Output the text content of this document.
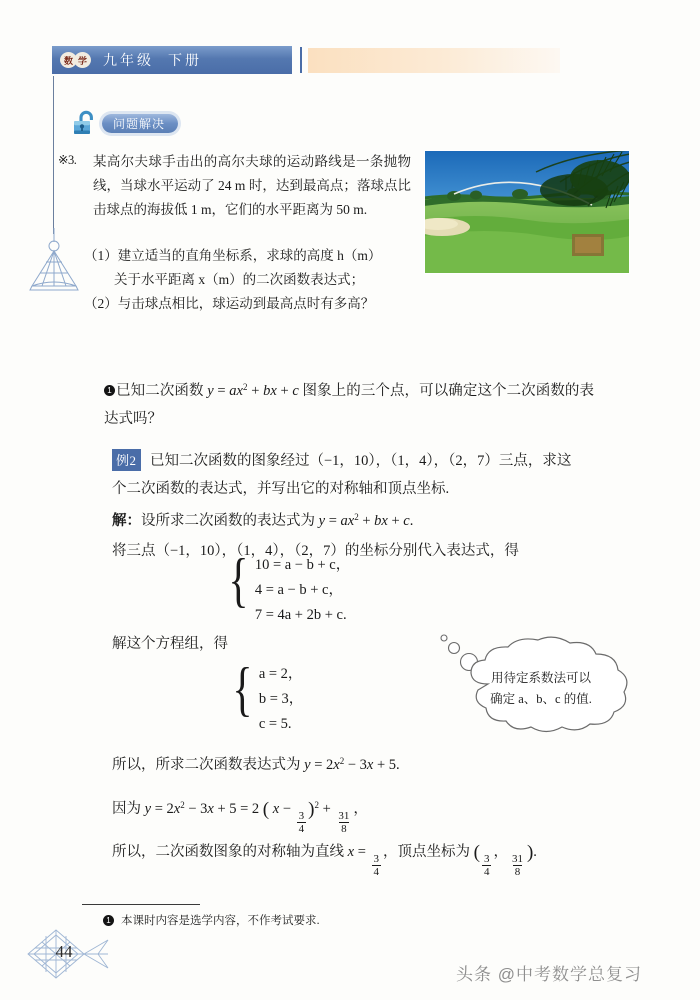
数 学 九年级 下册
问题解决
※3. 某高尔夫球手击出的高尔夫球的运动路线是一条抛物线，当球水平运动了 24 m 时，达到最高点；落球点比击球点的海拔低 1 m，它们的水平距离为 50 m.
（1）建立适当的直角坐标系，求球的高度 h（m）
关于水平距离 x（m）的二次函数表达式；
（2）与击球点相比，球运动到最高点时有多高？
1 已知二次函数 $y = ax^2$ + bx + c 图象上的三个点，可以确定这个二次函数的表达式吗？
例2 已知二次函数的图象经过（−1，10），（1，4），（2，7）三点，求这
个二次函数的表达式，并写出它的对称轴和顶点坐标.
解：设所求二次函数的表达式为 $y = ax^2$ + bx + c.
将三点（−1，10），（1，4），（2，7）的坐标分别代入表达式，得
{ 10 = a − b + c，
4 = a − b + c，
7 = 4a + 2b + c.
解这个方程组，得
{ a = 2，
b = 3，
c = 5.
用待定系数法可以
确定 a、b、c 的值.
所以，所求二次函数表达式为 $y = 2x^2 - 3x + 5$.
因为 $y = 2x^2 - 3x + 5 = 2$ ( x −
$\frac{3}{4}$
)$^2$ +
$\frac{31}{8}$
，
所以，二次函数图象的对称轴为直线 x =
$\frac{3}{4}$
，顶点坐标为 (
$\frac{3}{4}$
，
$\frac{31}{8}$
).
1 本课时内容是选学内容，不作考试要求.
44
头条 @中考数学总复习
